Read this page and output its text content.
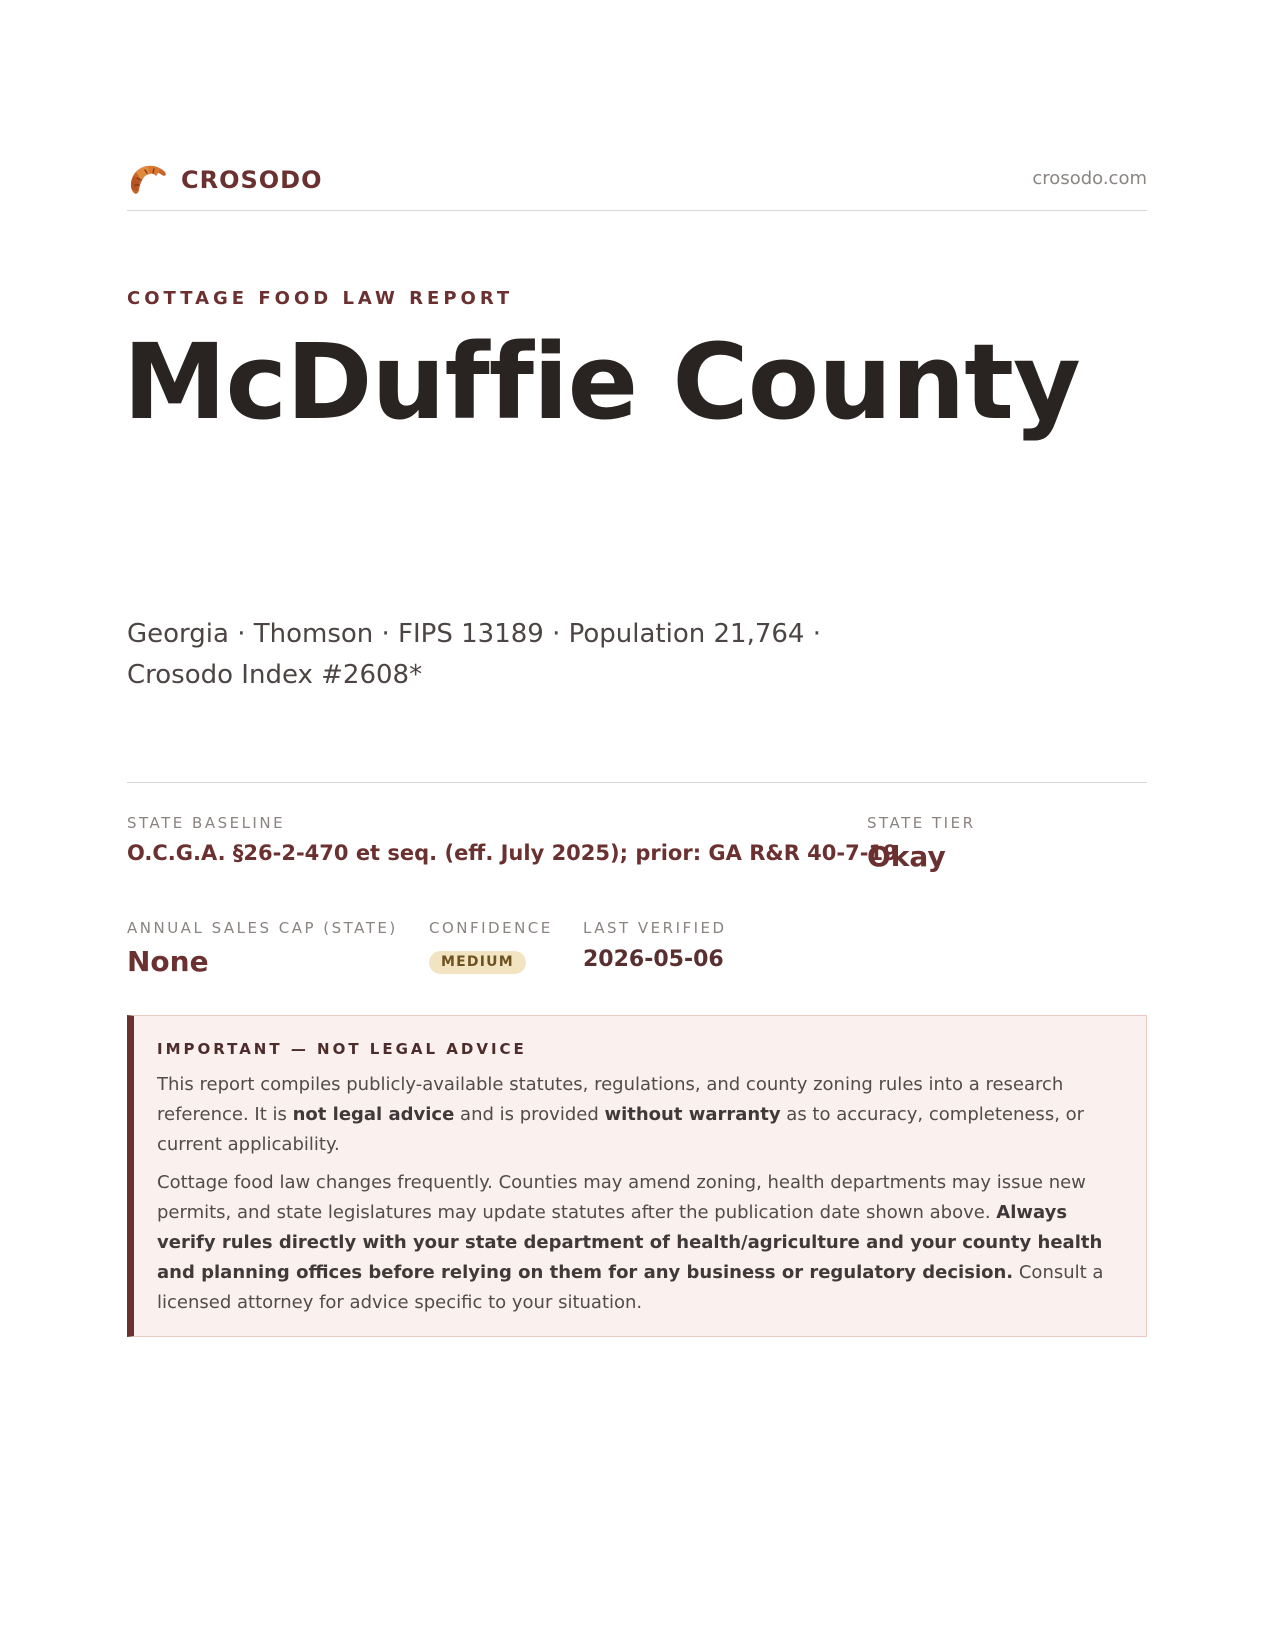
CROSODO	crosodo.com
COTTAGE FOOD LAW REPORT
McDuffie County
Georgia · Thomson · FIPS 13189 · Population 21,764 ·
Crosodo Index #2608*
STATE BASELINE
O.C.G.A. §26-2-470 et seq. (eff. July 2025); prior: GA R&R 40-7-19
STATE TIER
Okay
ANNUAL SALES CAP (STATE)
None
CONFIDENCE
MEDIUM
LAST VERIFIED
2026-05-06
IMPORTANT — NOT LEGAL ADVICE

This report compiles publicly-available statutes, regulations, and county zoning rules into a research reference. It is not legal advice and is provided without warranty as to accuracy, completeness, or current applicability.

Cottage food law changes frequently. Counties may amend zoning, health departments may issue new permits, and state legislatures may update statutes after the publication date shown above. Always verify rules directly with your state department of health/agriculture and your county health and planning offices before relying on them for any business or regulatory decision. Consult a licensed attorney for advice specific to your situation.
